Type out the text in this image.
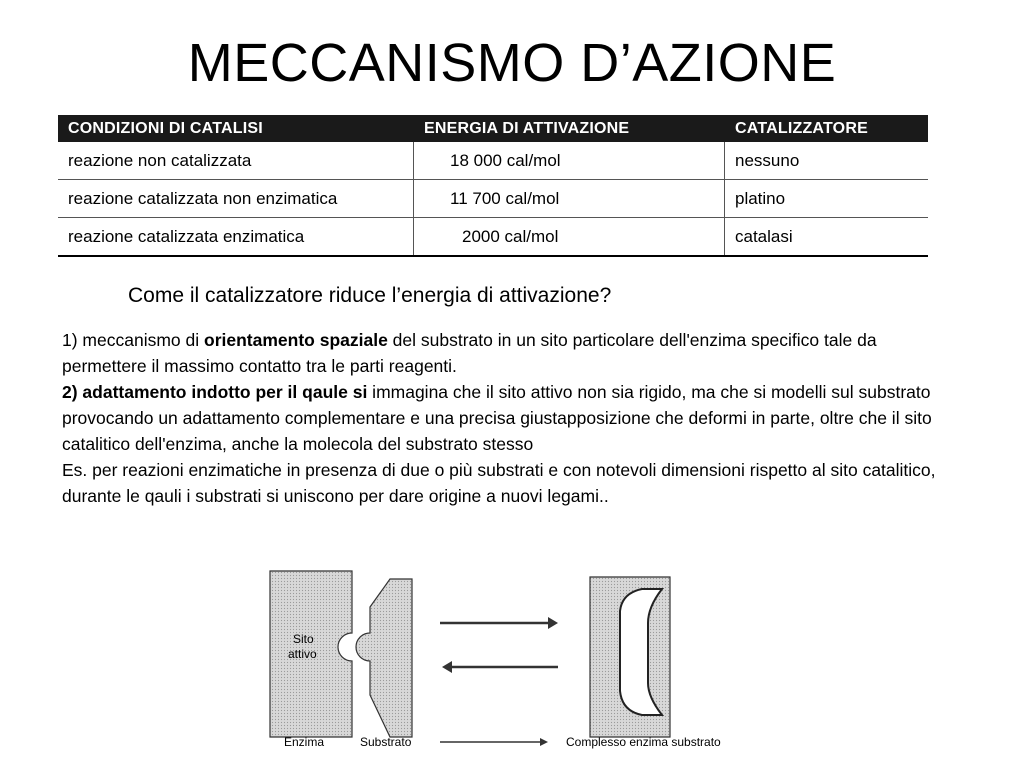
MECCANISMO D’AZIONE
CONDIZIONI DI CATALISI	ENERGIA DI ATTIVAZIONE	CATALIZZATORE
reazione non catalizzata	18 000 cal/mol	nessuno
reazione catalizzata non enzimatica	11 700 cal/mol	platino
reazione catalizzata enzimatica	2000 cal/mol	catalasi
Come il catalizzatore riduce l’energia di attivazione?

1) meccanismo di orientamento spaziale del substrato in un sito particolare dell'enzima specifico tale da permettere il massimo contatto tra le parti reagenti.

2) adattamento indotto per il qaule si immagina che il sito attivo non sia rigido, ma che si modelli sul substrato provocando un adattamento complementare e una precisa giustapposizione che deformi in parte, oltre che il sito catalitico dell'enzima, anche la molecola del substrato stesso

Es. per reazioni enzimatiche in presenza di due o più substrati e con notevoli dimensioni rispetto al sito catalitico, durante le qauli i substrati si uniscono per dare origine a nuovi legami..

Sito
attivo
Enzima	Substrato	Complesso enzima substrato
